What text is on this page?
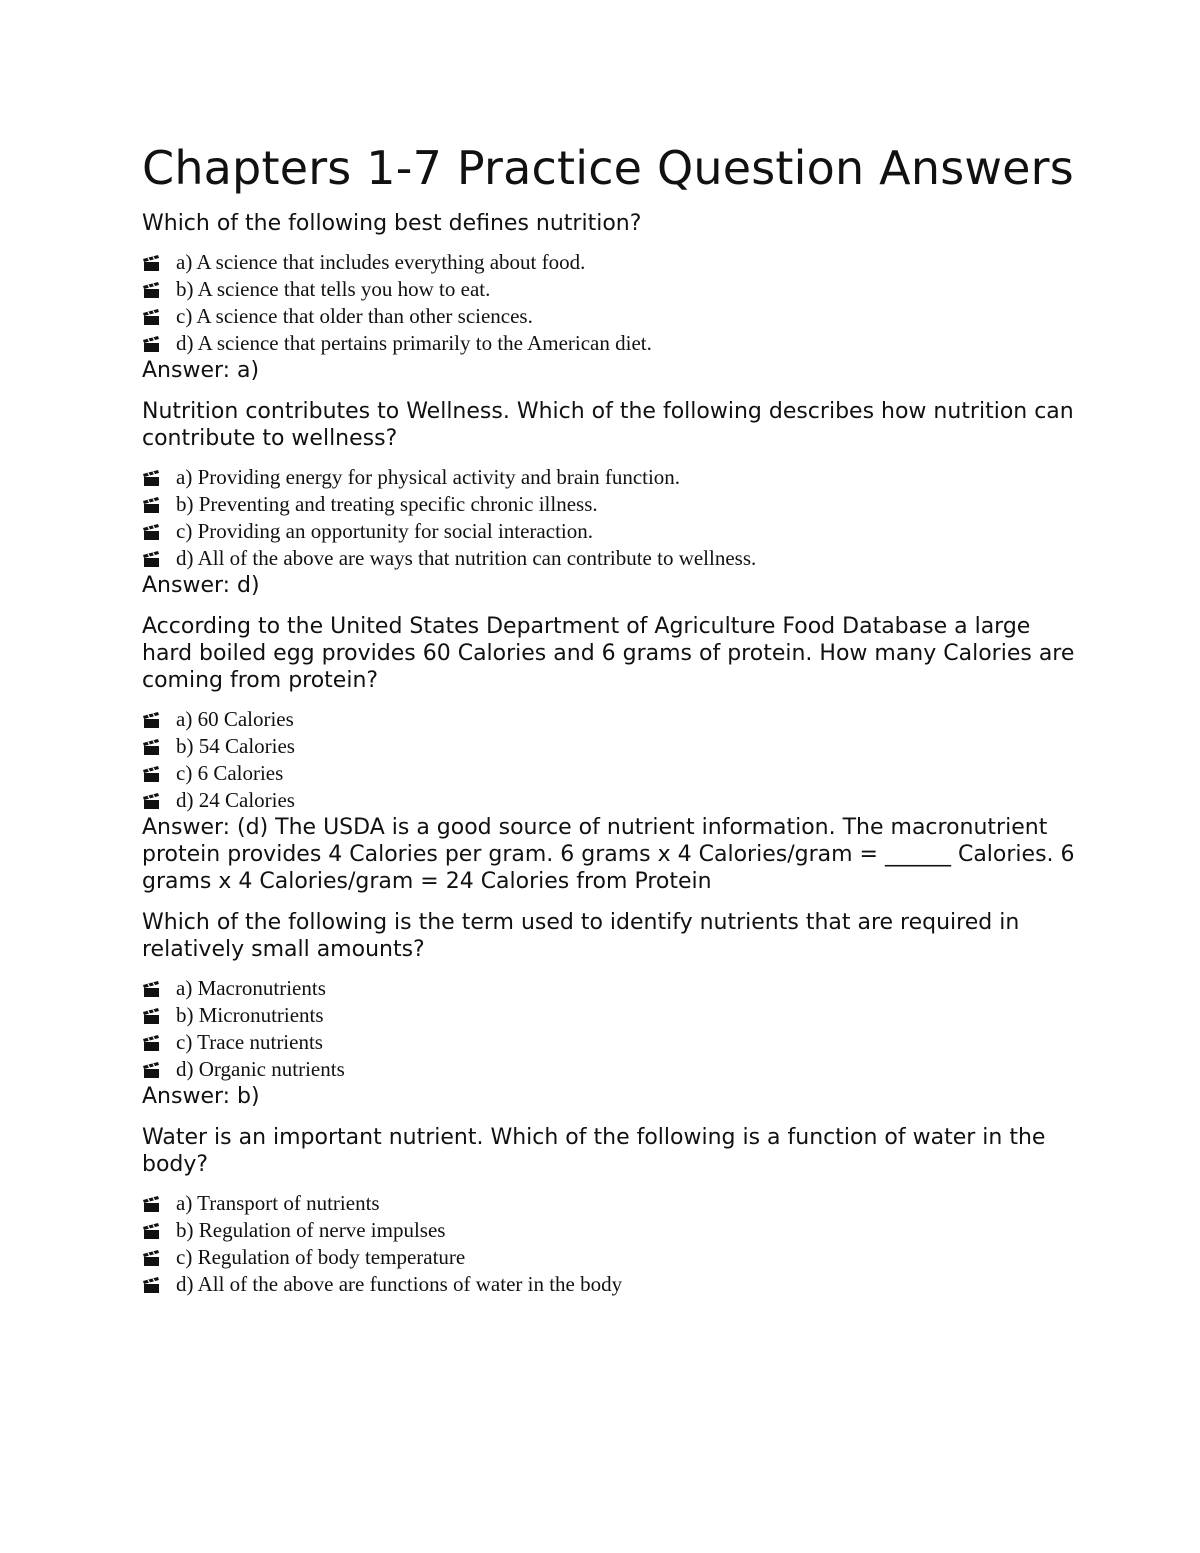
Chapters 1-7 Practice Question Answers

Which of the following best defines nutrition?

a) A science that includes everything about food.
b) A science that tells you how to eat.
c) A science that older than other sciences.
d) A science that pertains primarily to the American diet.

Answer: a)

Nutrition contributes to Wellness. Which of the following describes how nutrition can contribute to wellness?

a) Providing energy for physical activity and brain function.
b) Preventing and treating specific chronic illness.
c) Providing an opportunity for social interaction.
d) All of the above are ways that nutrition can contribute to wellness.

Answer: d)

According to the United States Department of Agriculture Food Database a large hard boiled egg provides 60 Calories and 6 grams of protein. How many Calories are coming from protein?

a) 60 Calories
b) 54 Calories
c) 6 Calories
d) 24 Calories

Answer: (d) The USDA is a good source of nutrient information. The macronutrient protein provides 4 Calories per gram. 6 grams x 4 Calories/gram = ______ Calories. 6 grams x 4 Calories/gram = 24 Calories from Protein

Which of the following is the term used to identify nutrients that are required in relatively small amounts?

a) Macronutrients
b) Micronutrients
c) Trace nutrients
d) Organic nutrients

Answer: b)

Water is an important nutrient. Which of the following is a function of water in the body?

a) Transport of nutrients
b) Regulation of nerve impulses
c) Regulation of body temperature
d) All of the above are functions of water in the body
